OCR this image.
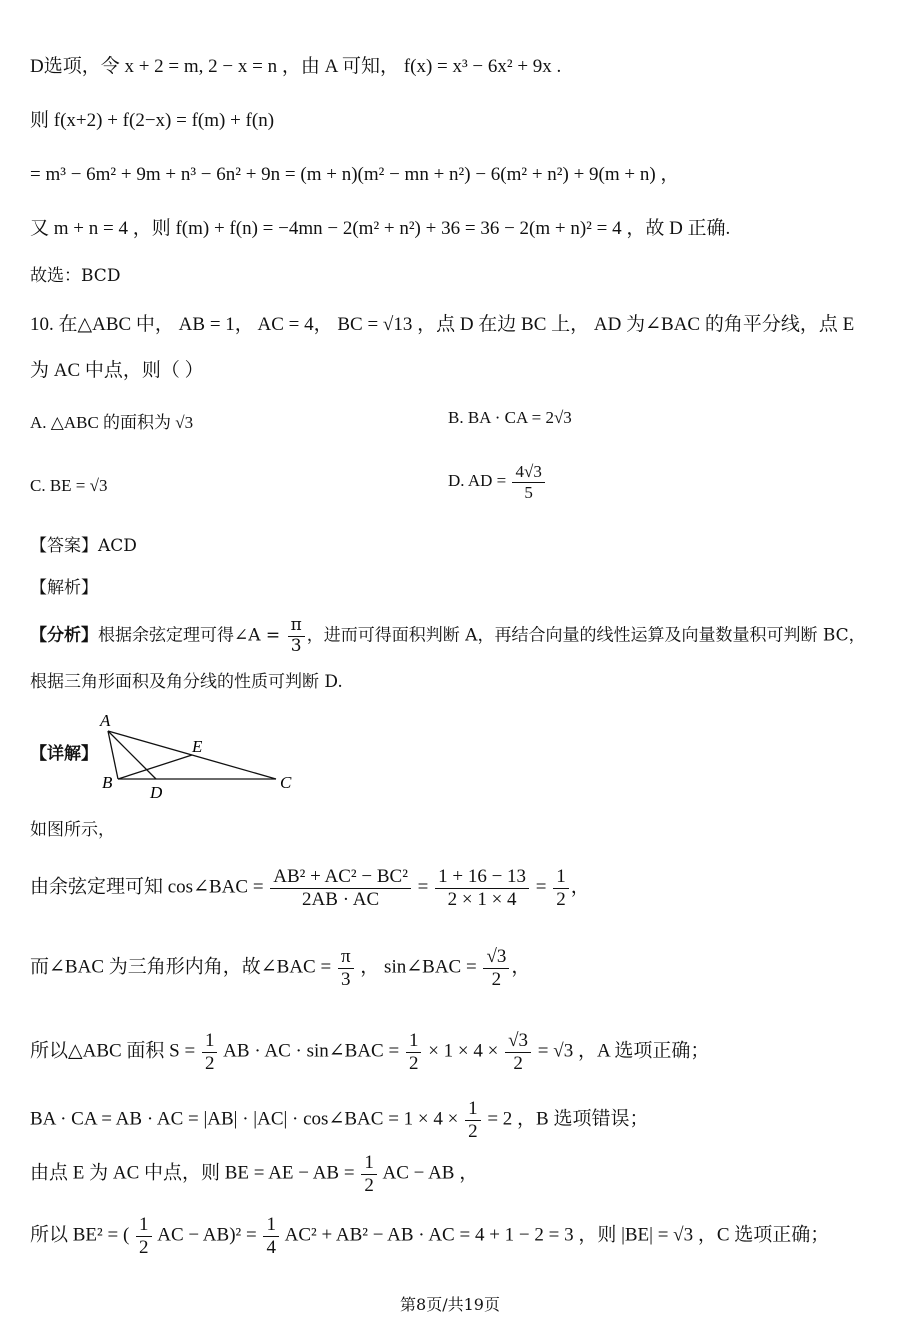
D选项，令 x + 2 = m, 2 − x = n ，由 A 可知， f(x) = x³ − 6x² + 9x .
则 f(x+2) + f(2−x) = f(m) + f(n)
= m³ − 6m² + 9m + n³ − 6n² + 9n = (m + n)(m² − mn + n²) − 6(m² + n²) + 9(m + n) ，
又 m + n = 4 ，则 f(m) + f(n) = −4mn − 2(m² + n²) + 36 = 36 − 2(m + n)² = 4 ，故 D 正确.
故选：BCD
10. 在△ABC 中， AB = 1， AC = 4， BC = √13 ，点 D 在边 BC 上， AD 为∠BAC 的角平分线，点 E
为 AC 中点，则（ ）
A. △ABC 的面积为 √3	B. BA · CA = 2√3
C. BE = √3	D. AD = $\frac{4√3}{5}$
【答案】ACD
【解析】
【分析】根据余弦定理可得∠A = $\frac{\pi}{3}$ ，进而可得面积判断 A，再结合向量的线性运算及向量数量积可判断 BC，
根据三角形面积及角分线的性质可判断 D.
【详解】
A
B	C
D
E
如图所示，
由余弦定理可知 cos∠BAC = $\frac{\text{AB² + AC² − BC²}}{2AB \cdot AC} = \frac{1 + 16 - 13}{2 \times 1 \times 4} = \frac{1}{2}$ ，
而∠BAC 为三角形内角，故∠BAC = $\frac{\pi}{3}$ ， sin∠BAC = $\frac{√3}{2}$ ，
所以△ABC 面积 $S = \frac{1}{2}$ AB · AC · sin∠BAC = $\frac{1}{2} \times 1 \times 4 \times \frac{√3}{2} = √3$ ，A 选项正确；
BA · CA = AB · AC = |AB| · |AC| · cos∠BAC = $1 \times 4 \times \frac{1}{2} = 2$ ，B 选项错误；
由点 E 为 AC 中点，则 BE = AE − AB = $\frac{1}{2}$ AC − AB ，
所以 BE² = ( $\frac{1}{2}$ AC − $AB)^2 = \frac{1}{4} AC^2 + AB^2$ − AB · AC = 4 + 1 − 2 = 3 ，则 |BE| = √3 ，C 选项正确；
第8页/共19页
